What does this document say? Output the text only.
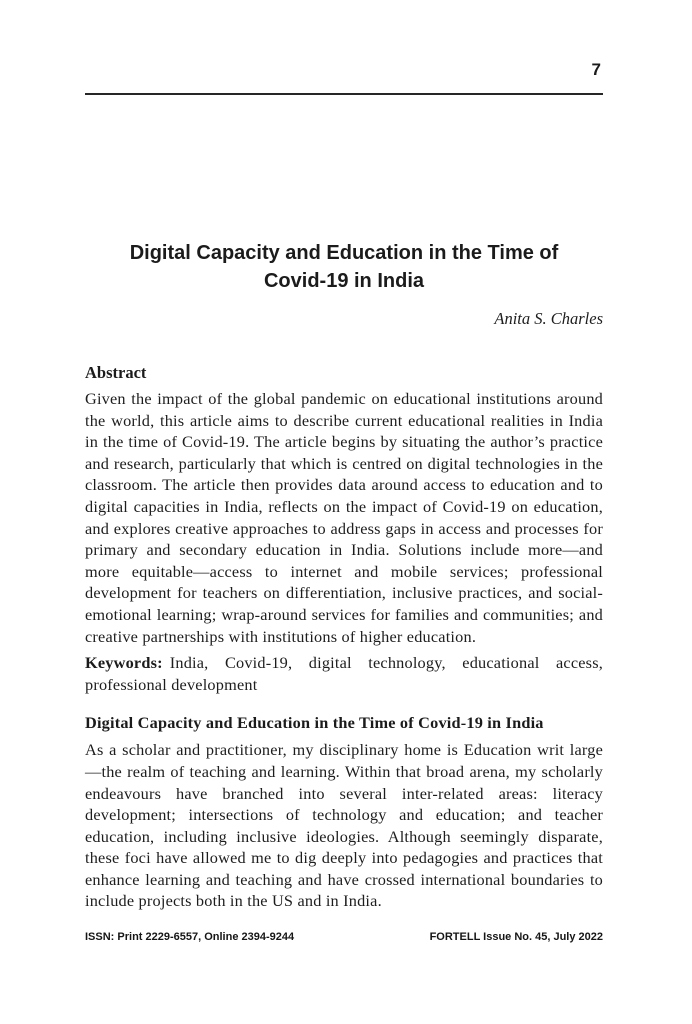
7
Digital Capacity and Education in the Time of Covid-19 in India
Anita S. Charles
Abstract

Given the impact of the global pandemic on educational institutions around the world, this article aims to describe current educational realities in India in the time of Covid-19. The article begins by situating the author’s practice and research, particularly that which is centred on digital technologies in the classroom. The article then provides data around access to education and to digital capacities in India, reflects on the impact of Covid-19 on education, and explores creative approaches to address gaps in access and processes for primary and secondary education in India. Solutions include more—and more equitable—access to internet and mobile services; professional development for teachers on differentiation, inclusive practices, and social-emotional learning; wrap-around services for families and communities; and creative partnerships with institutions of higher education.

Keywords: India, Covid-19, digital technology, educational access, professional development

Digital Capacity and Education in the Time of Covid-19 in India

As a scholar and practitioner, my disciplinary home is Education writ large—the realm of teaching and learning. Within that broad arena, my scholarly endeavours have branched into several inter-related areas: literacy development; intersections of technology and education; and teacher education, including inclusive ideologies. Although seemingly disparate, these foci have allowed me to dig deeply into pedagogies and practices that enhance learning and teaching and have crossed international boundaries to include projects both in the US and in India.

ISSN: Print 2229-6557, Online 2394-9244	FORTELL Issue No. 45, July 2022
